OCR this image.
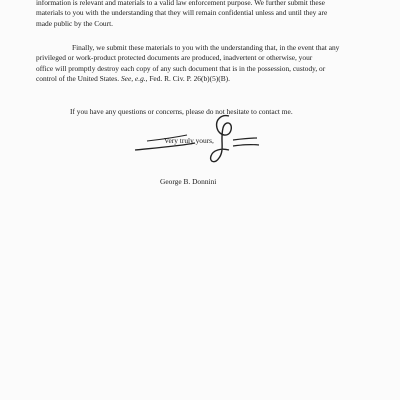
information is relevant and materials to a valid law enforcement purpose. We further submit these
materials to you with the understanding that they will remain confidential unless and until they are
made public by the Court.
Finally, we submit these materials to you with the understanding that, in the event that any
privileged or work-product protected documents are produced, inadvertent or otherwise, your
office will promptly destroy each copy of any such document that is in the possession, custody, or
control of the United States. See, e.g., Fed. R. Civ. P. 26(b)(5)(B).
If you have any questions or concerns, please do not hesitate to contact me.
Very truly yours,
George B. Donnini
